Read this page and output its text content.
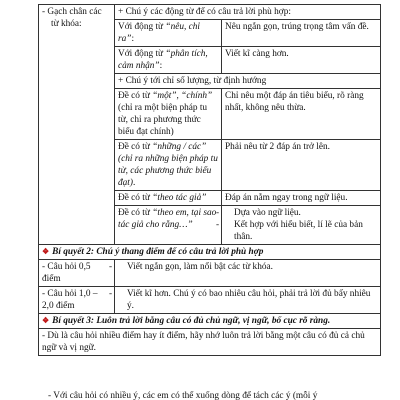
- Gạch chân các từ khóa:	+ Chú ý các động từ để có câu trả lời phù hợp:	
	Với động từ “nêu, chỉ ra”:	Nêu ngắn gọn, trúng trọng tâm vấn đề.
	Với động từ “phân tích, cảm nhận”:	Viết kĩ càng hơn.
	+ Chú ý tới chỉ số lượng, từ định hướng	
	Đề có từ “một”, “chính” (chỉ ra một biện pháp tu từ, chỉ ra phương thức biểu đạt chính)	Chỉ nêu một đáp án tiêu biểu, rõ ràng nhất, không nêu thừa.
	Đề có từ “những / các” (chỉ ra những biện pháp tu từ, các phương thức biểu đạt).	Phải nêu từ 2 đáp án trở lên.
	Đề có từ “theo tác giả”	Đáp án nằm ngay trong ngữ liệu.
	Đề có từ “theo em, tại sao tác giả cho rằng…”	- Dựa vào ngữ liệu.
- Kết hợp với hiểu biết, lí lẽ của bản thân.

❖ Bí quyết 2: Chú ý thang điểm để có câu trả lời phù hợp		
- Câu hỏi 0,5 điểm	- Viết ngắn gọn, làm nổi bật các từ khóa.	

- Câu hỏi 1,0 – 2,0 điểm	- Viết kĩ hơn. Chú ý có bao nhiêu câu hỏi, phải trả lời đủ bấy nhiêu ý.	

❖ Bí quyết 3: Luôn trả lời bằng câu có đủ chủ ngữ, vị ngữ, bố cục rõ ràng.		
- Dù là câu hỏi nhiều điểm hay ít điểm, hãy nhớ luôn trả lời bằng một câu có đủ cả chủ ngữ và vị ngữ.		
- Với câu hỏi có nhiều ý, các em có thể xuống dòng để tách các ý (mỗi ý
